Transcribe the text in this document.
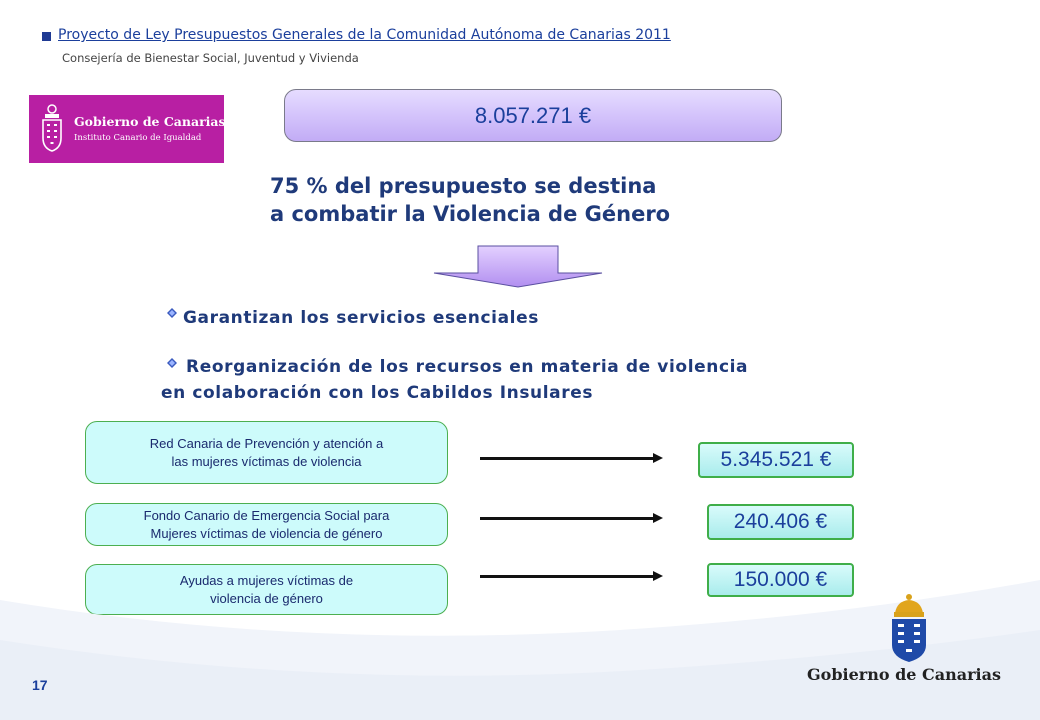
Proyecto de Ley Presupuestos Generales de la Comunidad Autónoma de Canarias 2011
Consejería de Bienestar Social, Juventud y Vivienda
Gobierno de Canarias
Instituto Canario de Igualdad
8.057.271 €
75 % del presupuesto se destina
a combatir la Violencia de Género
Garantizan los servicios esenciales
Reorganización de los recursos en materia de violencia
en colaboración con los Cabildos Insulares
Red Canaria de Prevención y atención a
las mujeres víctimas de violencia	5.345.521 €
Fondo Canario de Emergencia Social para
Mujeres víctimas de violencia de género	240.406 €
Ayudas a mujeres víctimas de
violencia de género
150.000 €
17
Gobierno de Canarias
